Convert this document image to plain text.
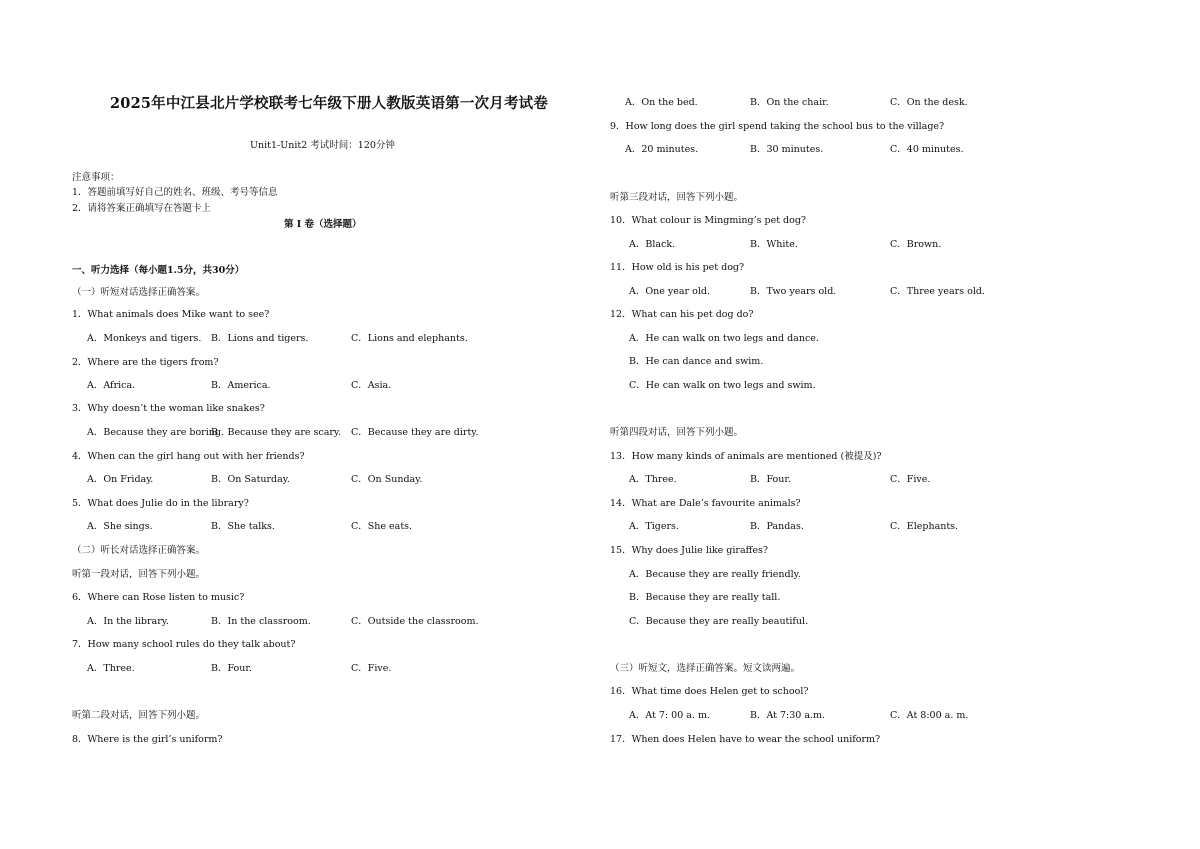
2025年中江县北片学校联考七年级下册人教版英语第一次月考试卷
Unit1-Unit2 考试时间：120分钟
注意事项：
1．答题前填写好自己的姓名、班级、考号等信息
2．请将答案正确填写在答题卡上
第 I 卷（选择题）
一、听力选择（每小题1.5分，共30分）
（一）听短对话选择正确答案。
1．What animals does Mike want to see?
A．Monkeys and tigers. B．Lions and tigers.	C．Lions and elephants.
2．Where are the tigers from?
A．Africa.	B．America.	C．Asia.
3．Why doesn’t the woman like snakes?
A．Because they are boring.
B．Because they are scary. C．Because they are dirty.
4．When can the girl hang out with her friends?
A．On Friday.	B．On Saturday.	C．On Sunday.
5．What does Julie do in the library?
A．She sings.	B．She talks.	C．She eats.
（二）听长对话选择正确答案。
听第一段对话，回答下列小题。
6．Where can Rose listen to music?
A．In the library.	B．In the classroom.	C．Outside the classroom.
7．How many school rules do they talk about?
A．Three.	B．Four.	C．Five.
听第二段对话，回答下列小题。
8．Where is the girl’s uniform?
A．On the bed.	B．On the chair.	C．On the desk.
9．How long does the girl spend taking the school bus to the village?
A．20 minutes.	B．30 minutes.	C．40 minutes.
听第三段对话，回答下列小题。
10．What colour is Mingming’s pet dog?
A．Black.	B．White.	C．Brown.
11．How old is his pet dog?
A．One year old.	B．Two years old.	C．Three years old.
12．What can his pet dog do?
A．He can walk on two legs and dance.
B．He can dance and swim.
C．He can walk on two legs and swim.
听第四段对话，回答下列小题。
13．How many kinds of animals are mentioned (被提及)?
A．Three.	B．Four.	C．Five.
14．What are Dale’s favourite animals?
A．Tigers.	B．Pandas.	C．Elephants.
15．Why does Julie like giraffes?
A．Because they are really friendly.
B．Because they are really tall.
C．Because they are really beautiful.
（三）听短文，选择正确答案。短文读两遍。
16．What time does Helen get to school?
A．At 7: 00 a. m.	B．At 7:30 a.m.	C．At 8:00 a. m.
17．When does Helen have to wear the school uniform?
